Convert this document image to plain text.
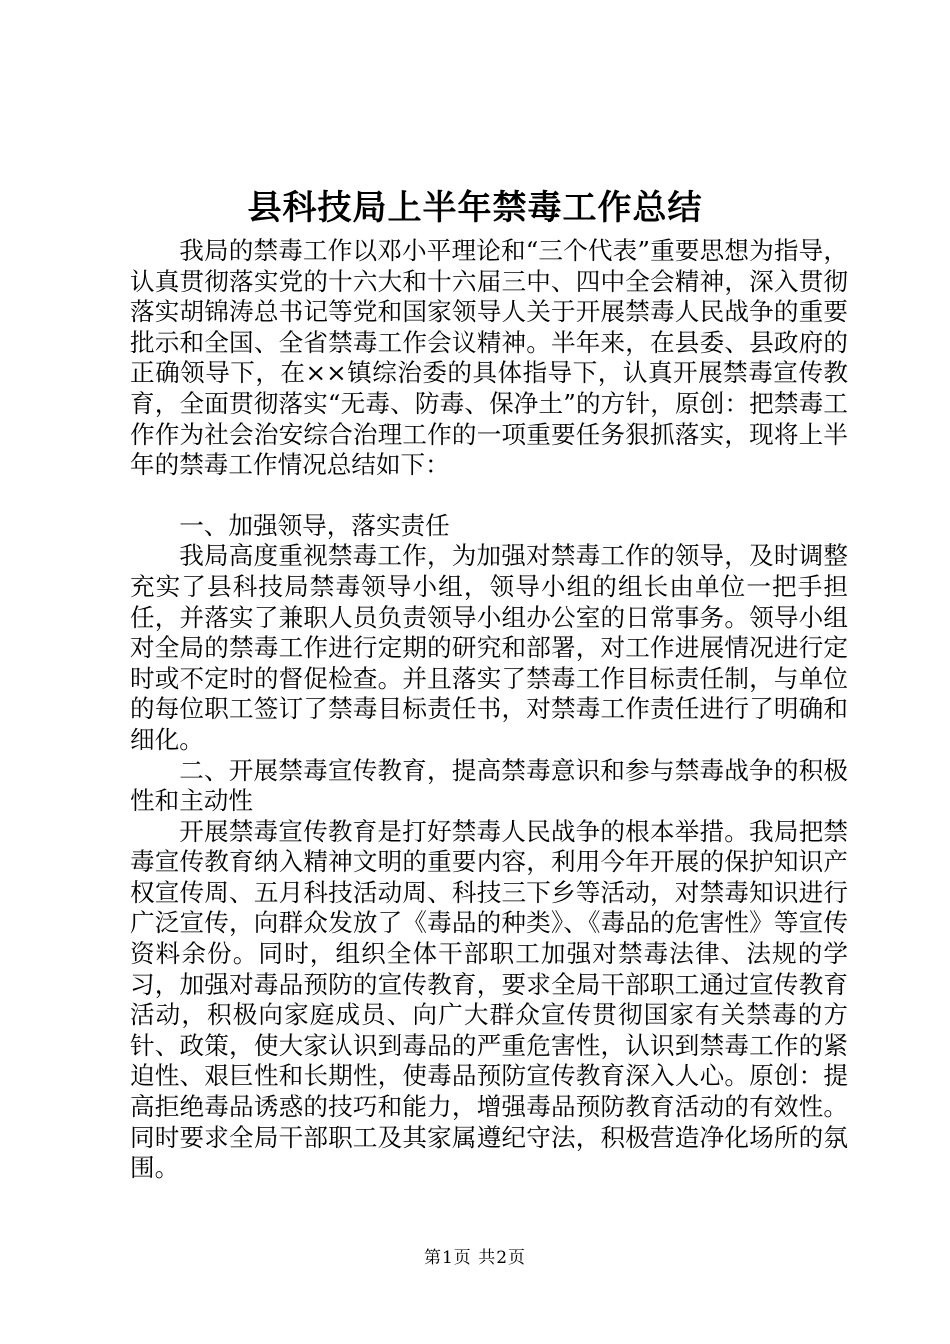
县科技局上半年禁毒工作总结

我局的禁毒工作以邓小平理论和“三个代表”重要思想为指导，认真贯彻落实党的十六大和十六届三中、四中全会精神，深入贯彻落实胡锦涛总书记等党和国家领导人关于开展禁毒人民战争的重要批示和全国、全省禁毒工作会议精神。半年来，在县委、县政府的正确领导下，在××镇综治委的具体指导下，认真开展禁毒宣传教育，全面贯彻落实“无毒、防毒、保净土”的方针，原创：把禁毒工作作为社会治安综合治理工作的一项重要任务狠抓落实，现将上半年的禁毒工作情况总结如下：

一、加强领导，落实责任

我局高度重视禁毒工作，为加强对禁毒工作的领导，及时调整充实了县科技局禁毒领导小组，领导小组的组长由单位一把手担任，并落实了兼职人员负责领导小组办公室的日常事务。领导小组对全局的禁毒工作进行定期的研究和部署，对工作进展情况进行定时或不定时的督促检查。并且落实了禁毒工作目标责任制，与单位的每位职工签订了禁毒目标责任书，对禁毒工作责任进行了明确和细化。

二、开展禁毒宣传教育，提高禁毒意识和参与禁毒战争的积极性和主动性

开展禁毒宣传教育是打好禁毒人民战争的根本举措。我局把禁毒宣传教育纳入精神文明的重要内容，利用今年开展的保护知识产权宣传周、五月科技活动周、科技三下乡等活动，对禁毒知识进行广泛宣传，向群众发放了《毒品的种类》、《毒品的危害性》等宣传资料余份。同时，组织全体干部职工加强对禁毒法律、法规的学习，加强对毒品预防的宣传教育，要求全局干部职工通过宣传教育活动，积极向家庭成员、向广大群众宣传贯彻国家有关禁毒的方针、政策，使大家认识到毒品的严重危害性，认识到禁毒工作的紧迫性、艰巨性和长期性，使毒品预防宣传教育深入人心。原创：提高拒绝毒品诱惑的技巧和能力，增强毒品预防教育活动的有效性。同时要求全局干部职工及其家属遵纪守法，积极营造净化场所的氛围。

第1页 共2页
